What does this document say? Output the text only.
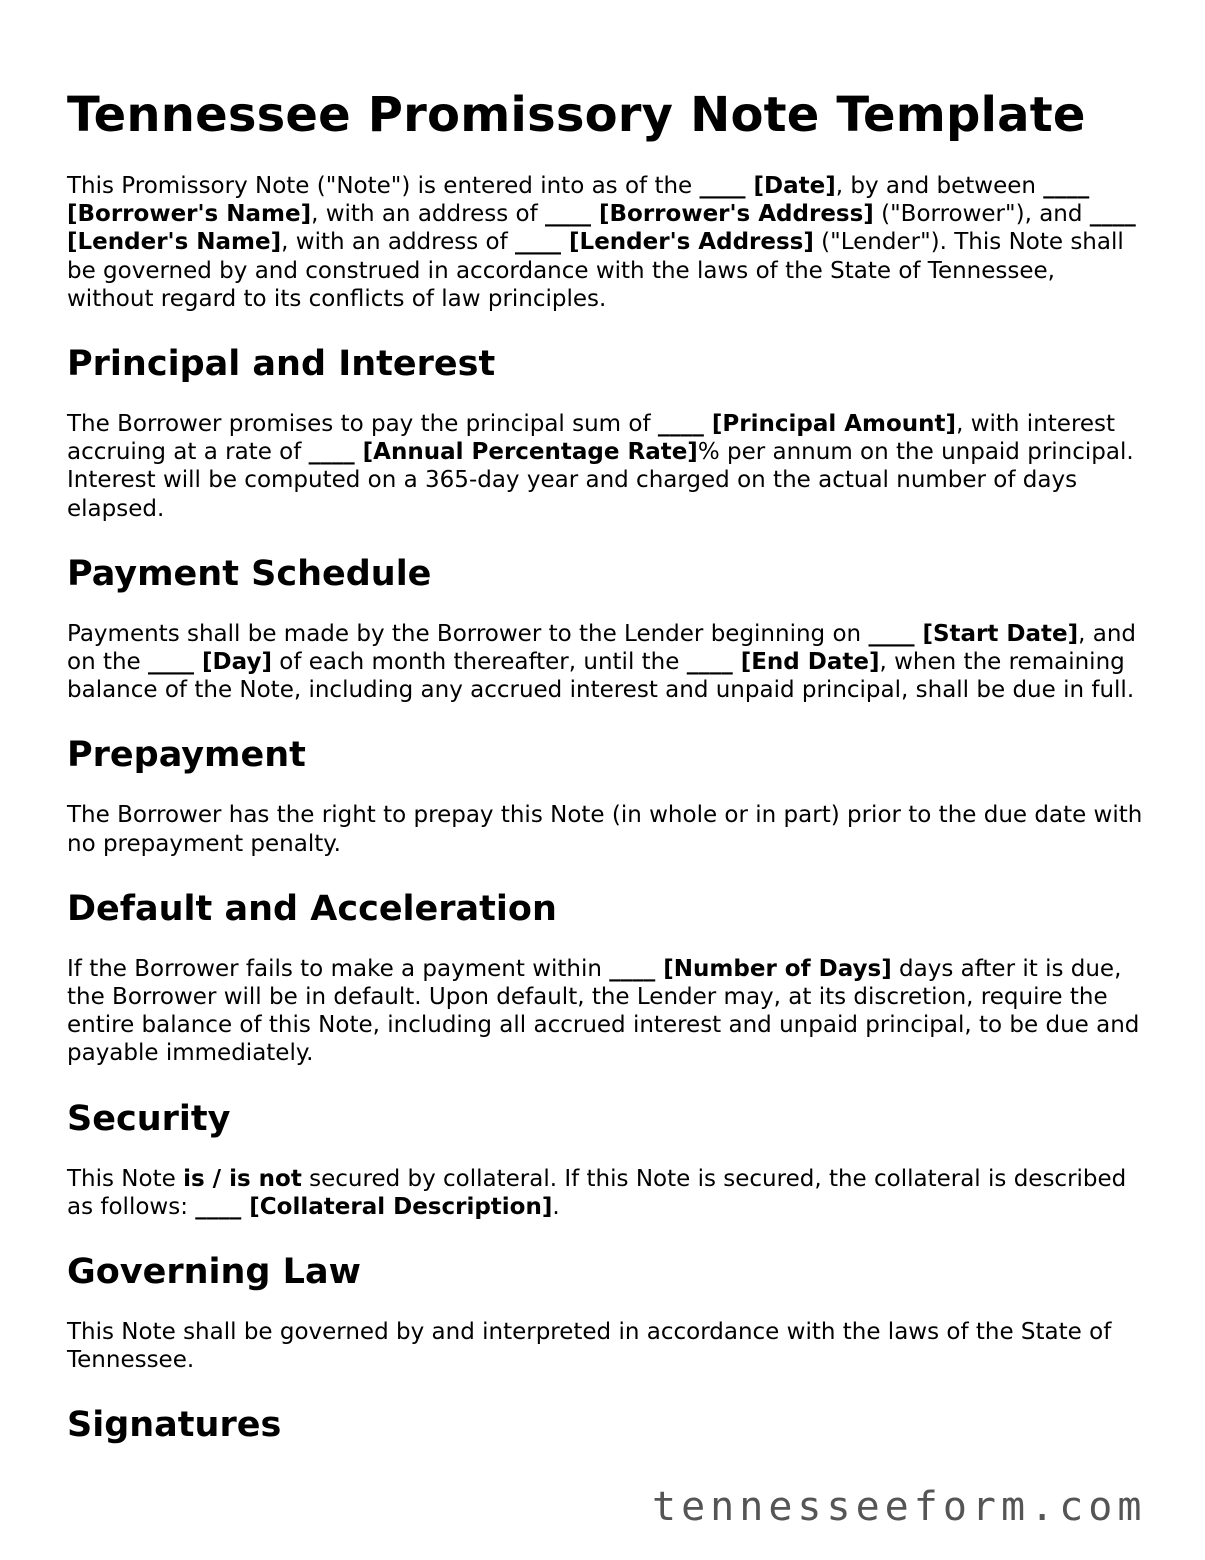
Tennessee Promissory Note Template

This Promissory Note ("Note") is entered into as of the ____ [Date], by and between ____ [Borrower's Name], with an address of ____ [Borrower's Address] ("Borrower"), and ____ [Lender's Name], with an address of ____ [Lender's Address] ("Lender"). This Note shall be governed by and construed in accordance with the laws of the State of Tennessee, without regard to its conflicts of law principles.

Principal and Interest

The Borrower promises to pay the principal sum of ____ [Principal Amount], with interest accruing at a rate of ____ [Annual Percentage Rate]% per annum on the unpaid principal. Interest will be computed on a 365-day year and charged on the actual number of days elapsed.

Payment Schedule

Payments shall be made by the Borrower to the Lender beginning on ____ [Start Date], and on the ____ [Day] of each month thereafter, until the ____ [End Date], when the remaining balance of the Note, including any accrued interest and unpaid principal, shall be due in full.

Prepayment

The Borrower has the right to prepay this Note (in whole or in part) prior to the due date with no prepayment penalty.

Default and Acceleration

If the Borrower fails to make a payment within ____ [Number of Days] days after it is due, the Borrower will be in default. Upon default, the Lender may, at its discretion, require the entire balance of this Note, including all accrued interest and unpaid principal, to be due and payable immediately.

Security

This Note is / is not secured by collateral. If this Note is secured, the collateral is described as follows: ____ [Collateral Description].

Governing Law

This Note shall be governed by and interpreted in accordance with the laws of the State of Tennessee.

Signatures
tennesseeform.com
